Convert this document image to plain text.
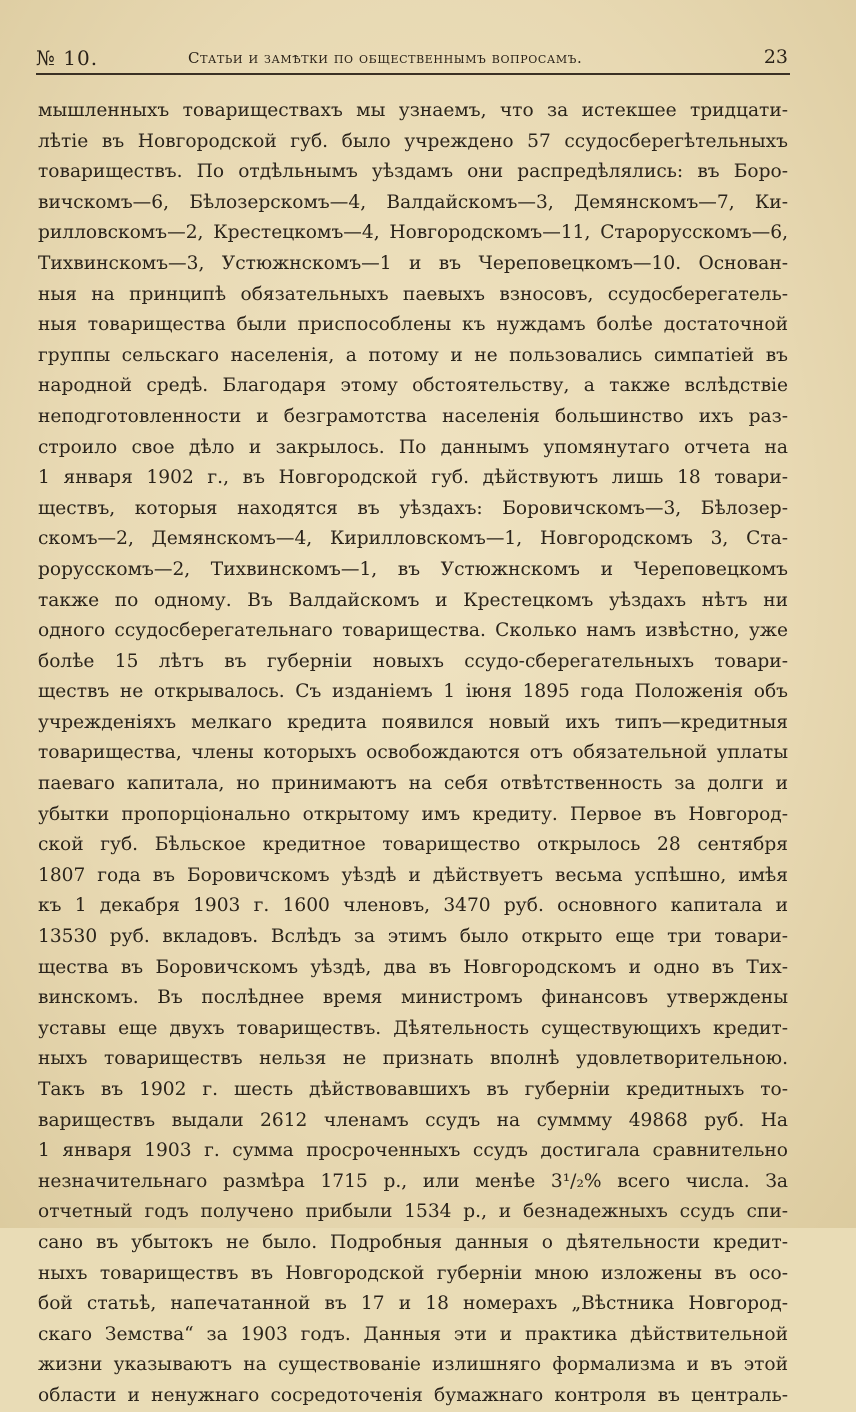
№ 10.	Статьи и замѣтки по общественнымъ вопросамъ.	23
мышленныхъ товариществахъ мы узнаемъ, что за истекшее тридцати-
лѣтіе въ Новгородской губ. было учреждено 57 ссудосберегѣтельныхъ
товариществъ. По отдѣльнымъ уѣздамъ они распредѣлялись: въ Боро-
вичскомъ—6, Бѣлозерскомъ—4, Валдайскомъ—3, Демянскомъ—7, Ки-
рилловскомъ—2, Крестецкомъ—4, Новгородскомъ—11, Старорусскомъ—6,
Тихвинскомъ—3, Устюжнскомъ—1 и въ Череповецкомъ—10. Основан-
ныя на принципѣ обязательныхъ паевыхъ взносовъ, ссудосберегатель-
ныя товарищества были приспособлены къ нуждамъ болѣе достаточной
группы сельскаго населенія, а потому и не пользовались симпатіей въ
народной средѣ. Благодаря этому обстоятельству, а также вслѣдствіе
неподготовленности и безграмотства населенія большинство ихъ раз-
строило свое дѣло и закрылось. По даннымъ упомянутаго отчета на
1 января 1902 г., въ Новгородской губ. дѣйствуютъ лишь 18 товари-
ществъ, которыя находятся въ уѣздахъ: Боровичскомъ—3, Бѣлозер-
скомъ—2, Демянскомъ—4, Кирилловскомъ—1, Новгородскомъ 3, Ста-
рорусскомъ—2, Тихвинскомъ—1, въ Устюжнскомъ и Череповецкомъ
также по одному. Въ Валдайскомъ и Крестецкомъ уѣздахъ нѣтъ ни
одного ссудосберегательнаго товарищества. Сколько намъ извѣстно, уже
болѣе 15 лѣтъ въ губерніи новыхъ ссудо-сберегательныхъ товари-
ществъ не открывалось. Съ изданіемъ 1 іюня 1895 года Положенія объ
учрежденіяхъ мелкаго кредита появился новый ихъ типъ—кредитныя
товарищества, члены которыхъ освобождаются отъ обязательной уплаты
паеваго капитала, но принимаютъ на себя отвѣтственность за долги и
убытки пропорціонально открытому имъ кредиту. Первое въ Новгород-
ской губ. Бѣльское кредитное товарищество открылось 28 сентября
1807 года въ Боровичскомъ уѣздѣ и дѣйствуетъ весьма успѣшно, имѣя
къ 1 декабря 1903 г. 1600 членовъ, 3470 руб. основного капитала и
13530 руб. вкладовъ. Вслѣдъ за этимъ было открыто еще три товари-
щества въ Боровичскомъ уѣздѣ, два въ Новгородскомъ и одно въ Тих-
винскомъ. Въ послѣднее время министромъ финансовъ утверждены
уставы еще двухъ товариществъ. Дѣятельность существующихъ кредит-
ныхъ товариществъ нельзя не признать вполнѣ удовлетворительною.
Такъ въ 1902 г. шесть дѣйствовавшихъ въ губерніи кредитныхъ то-
вариществъ выдали 2612 членамъ ссудъ на суммму 49868 руб. На
1 января 1903 г. сумма просроченныхъ ссудъ достигала сравнительно
незначительнаго размѣра 1715 р., или менѣе 3¹/₂% всего числа. За
отчетный годъ получено прибыли 1534 р., и безнадежныхъ ссудъ спи-
сано въ убытокъ не было. Подробныя данныя о дѣятельности кредит-
ныхъ товариществъ въ Новгородской губерніи мною изложены въ осо-
бой статьѣ, напечатанной въ 17 и 18 номерахъ „Вѣстника Новгород-
скаго Земства“ за 1903 годъ. Данныя эти и практика дѣйствительной
жизни указываютъ на существованіе излишняго формализма и въ этой
области и ненужнаго сосредоточенія бумажнаго контроля въ централь-
